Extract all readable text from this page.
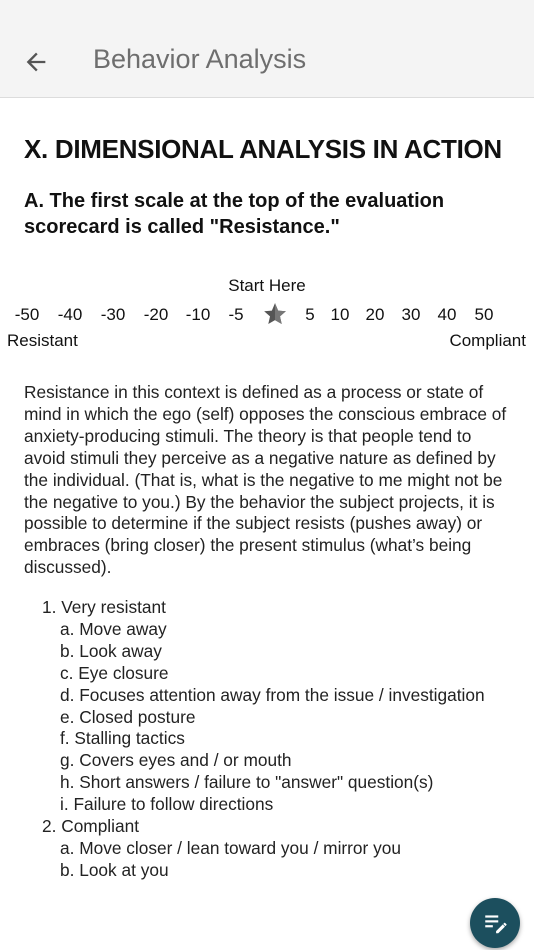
Behavior Analysis
X. DIMENSIONAL ANALYSIS IN ACTION
A. The first scale at the top of the evaluation scorecard is called "Resistance."
Start Here
-50 -40 -30 -20 -10 -5	5 10 20 30 40 50
Resistant	Compliant
Resistance in this context is defined as a process or state of mind in which the ego (self) opposes the conscious embrace of anxiety-producing stimuli. The theory is that people tend to avoid stimuli they perceive as a negative nature as defined by the individual. (That is, what is the negative to me might not be the negative to you.) By the behavior the subject projects, it is possible to determine if the subject resists (pushes away) or embraces (bring closer) the present stimulus (what’s being discussed).
1. Very resistant
a. Move away
b. Look away
c. Eye closure
d. Focuses attention away from the issue / investigation
e. Closed posture
f. Stalling tactics
g. Covers eyes and / or mouth
h. Short answers / failure to "answer" question(s)
i. Failure to follow directions
2. Compliant
a. Move closer / lean toward you / mirror you
b. Look at you
